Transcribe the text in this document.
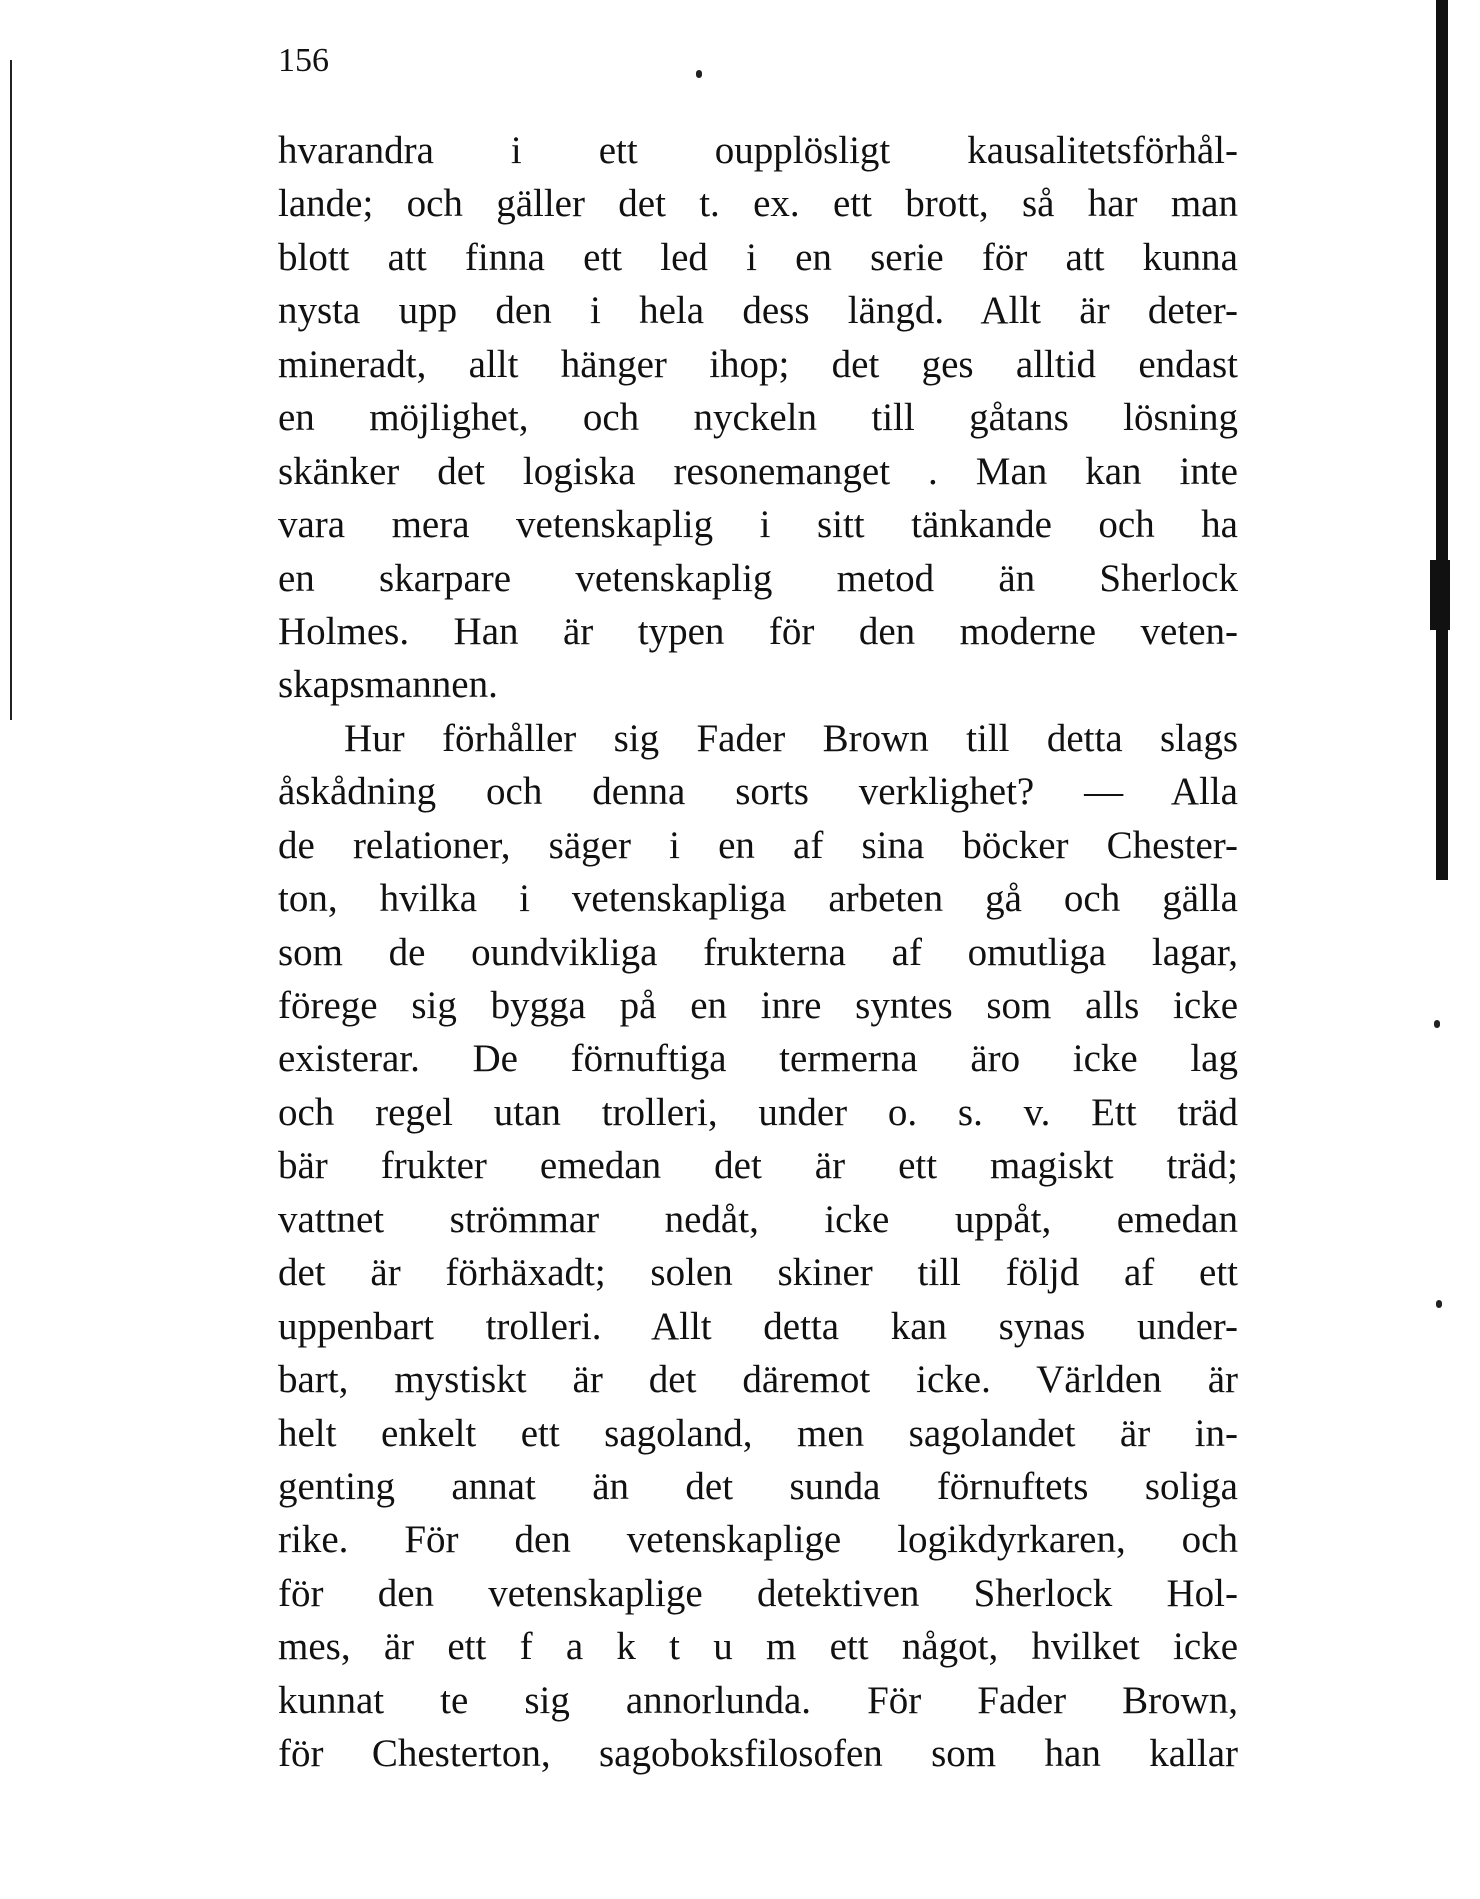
156
hvarandra i ett oupplösligt kausalitetsförhål-
lande; och gäller det t. ex. ett brott, så har man
blott att finna ett led i en serie för att kunna
nysta upp den i hela dess längd. Allt är deter-
mineradt, allt hänger ihop; det ges alltid endast
en möjlighet, och nyckeln till gåtans lösning
skänker det logiska resonemanget . Man kan inte
vara mera vetenskaplig i sitt tänkande och ha
en skarpare vetenskaplig metod än Sherlock
Holmes. Han är typen för den moderne veten-
skapsmannen.
Hur förhåller sig Fader Brown till detta slags
åskådning och denna sorts verklighet? — Alla
de relationer, säger i en af sina böcker Chester-
ton, hvilka i vetenskapliga arbeten gå och gälla
som de oundvikliga frukterna af omutliga lagar,
förege sig bygga på en inre syntes som alls icke
existerar. De förnuftiga termerna äro icke lag
och regel utan trolleri, under o. s. v. Ett träd
bär frukter emedan det är ett magiskt träd;
vattnet strömmar nedåt, icke uppåt, emedan
det är förhäxadt; solen skiner till följd af ett
uppenbart trolleri. Allt detta kan synas under-
bart, mystiskt är det däremot icke. Världen är
helt enkelt ett sagoland, men sagolandet är in-
genting annat än det sunda förnuftets soliga
rike. För den vetenskaplige logikdyrkaren, och
för den vetenskaplige detektiven Sherlock Hol-
mes, är ett f a k t u m ett något, hvilket icke
kunnat te sig annorlunda. För Fader Brown,
för Chesterton, sagoboksfilosofen som han kallar
